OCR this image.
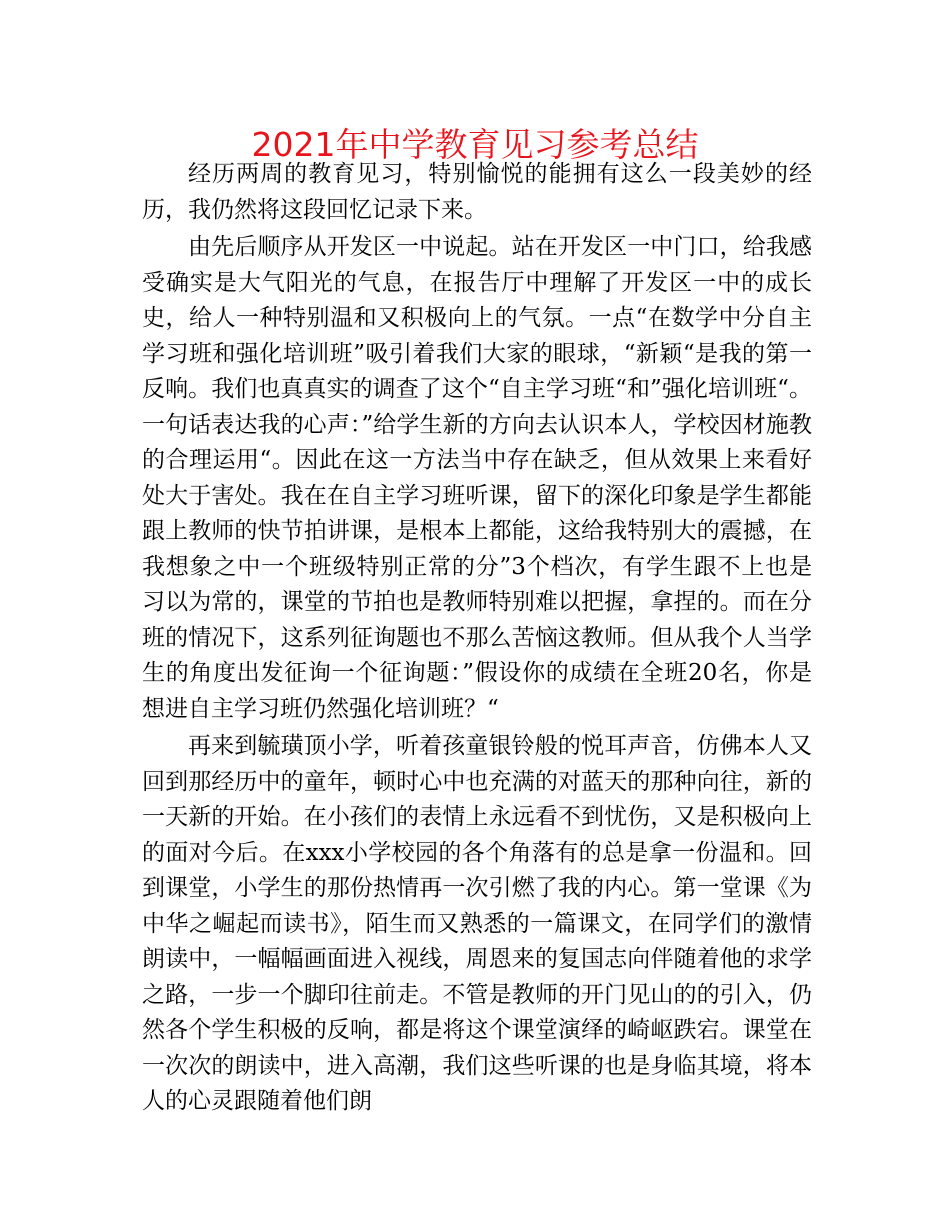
2021年中学教育见习参考总结

经历两周的教育见习，特别愉悦的能拥有这么一段美妙的经历，我仍然将这段回忆记录下来。

由先后顺序从开发区一中说起。站在开发区一中门口，给我感受确实是大气阳光的气息，在报告厅中理解了开发区一中的成长史，给人一种特别温和又积极向上的气氛。一点“在数学中分自主学习班和强化培训班”吸引着我们大家的眼球，“新颖“是我的第一反响。我们也真真实的调查了这个“自主学习班“和”强化培训班“。一句话表达我的心声：”给学生新的方向去认识本人，学校因材施教的合理运用“。因此在这一方法当中存在缺乏，但从效果上来看好处大于害处。我在在自主学习班听课，留下的深化印象是学生都能跟上教师的快节拍讲课，是根本上都能，这给我特别大的震撼，在我想象之中一个班级特别正常的分”3个档次，有学生跟不上也是习以为常的，课堂的节拍也是教师特别难以把握，拿捏的。而在分班的情况下，这系列征询题也不那么苦恼这教师。但从我个人当学生的角度出发征询一个征询题：”假设你的成绩在全班20名，你是想进自主学习班仍然强化培训班？“

再来到毓璜顶小学，听着孩童银铃般的悦耳声音，仿佛本人又回到那经历中的童年，顿时心中也充满的对蓝天的那种向往，新的一天新的开始。在小孩们的表情上永远看不到忧伤，又是积极向上的面对今后。在xxx小学校园的各个角落有的总是拿一份温和。回到课堂，小学生的那份热情再一次引燃了我的内心。第一堂课《为中华之崛起而读书》，陌生而又熟悉的一篇课文，在同学们的激情朗读中，一幅幅画面进入视线，周恩来的复国志向伴随着他的求学之路，一步一个脚印往前走。不管是教师的开门见山的的引入，仍然各个学生积极的反响，都是将这个课堂演绎的崎岖跌宕。课堂在一次次的朗读中，进入高潮，我们这些听课的也是身临其境，将本人的心灵跟随着他们朗
